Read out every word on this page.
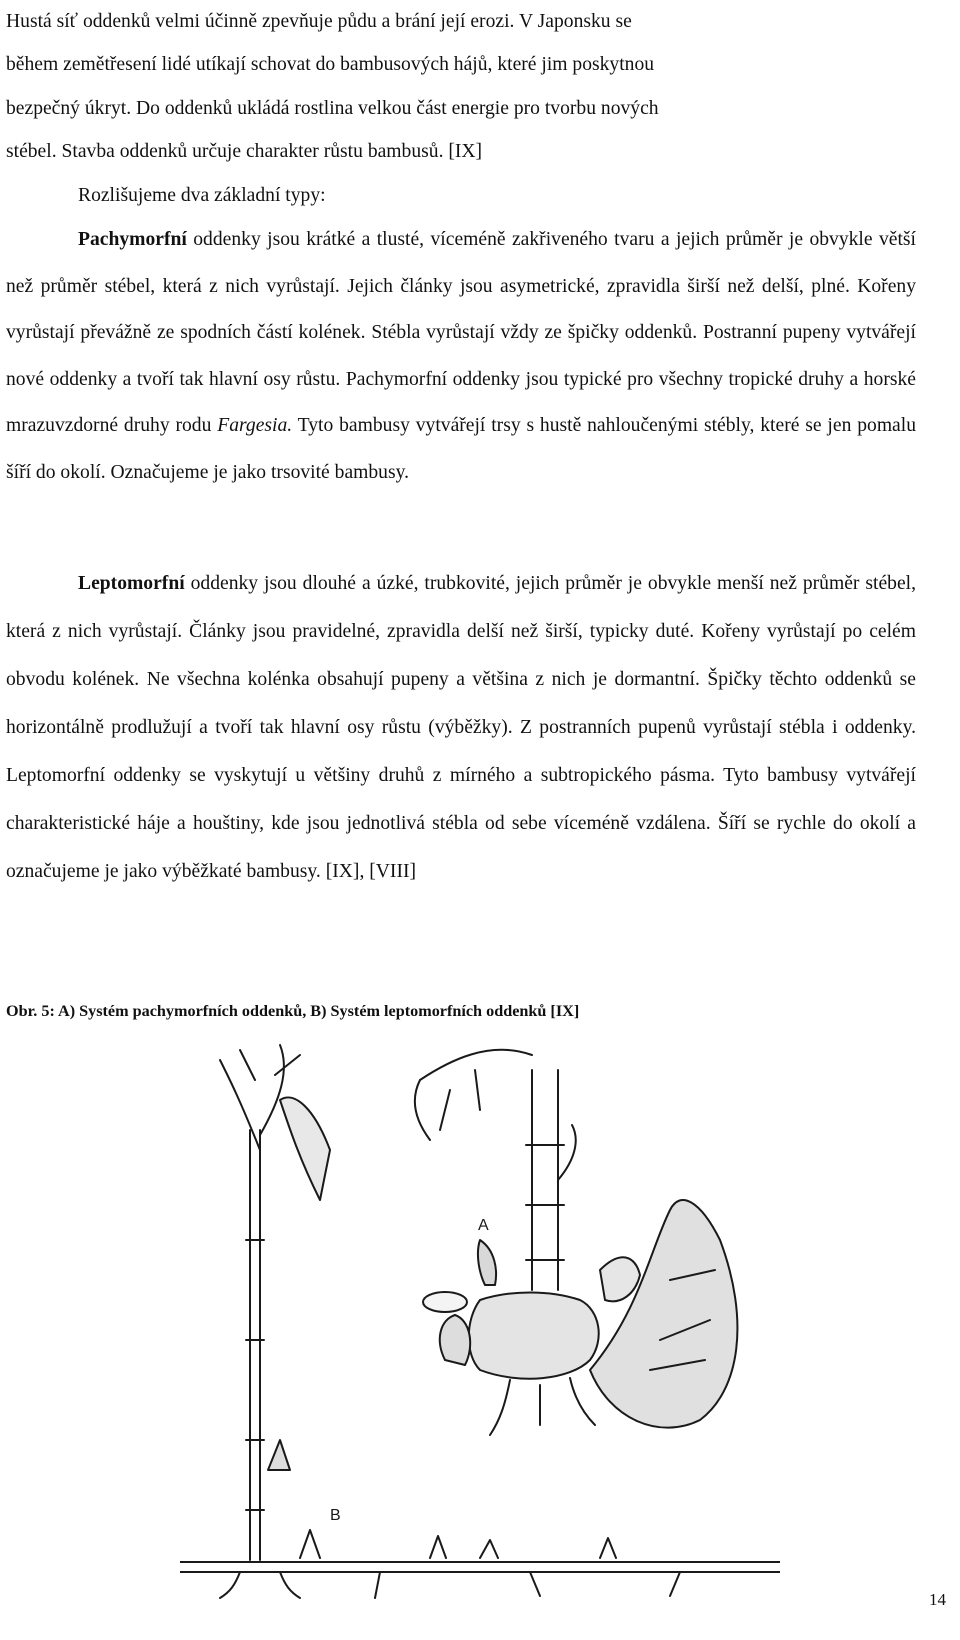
Hustá síť oddenků velmi účinně zpevňuje půdu a brání její erozi. V Japonsku se
během zemětřesení lidé utíkají schovat do bambusových hájů, které jim poskytnou
bezpečný úkryt. Do oddenků ukládá rostlina velkou část energie pro tvorbu nových
stébel. Stavba oddenků určuje charakter růstu bambusů. [IX]
Rozlišujeme dva základní typy:

Pachymorfní oddenky jsou krátké a tlusté, víceméně zakřiveného tvaru a jejich průměr je obvykle větší než průměr stébel, která z nich vyrůstají. Jejich články jsou asymetrické, zpravidla širší než delší, plné. Kořeny vyrůstají převážně ze spodních částí kolének. Stébla vyrůstají vždy ze špičky oddenků. Postranní pupeny vytvářejí nové oddenky a tvoří tak hlavní osy růstu. Pachymorfní oddenky jsou typické pro všechny tropické druhy a horské mrazuvzdorné druhy rodu Fargesia. Tyto bambusy vytvářejí trsy s hustě nahloučenými stébly, které se jen pomalu šíří do okolí. Označujeme je jako trsovité bambusy.

Leptomorfní oddenky jsou dlouhé a úzké, trubkovité, jejich průměr je obvykle menší než průměr stébel, která z nich vyrůstají. Články jsou pravidelné, zpravidla delší než širší, typicky duté. Kořeny vyrůstají po celém obvodu kolének. Ne všechna kolénka obsahují pupeny a většina z nich je dormantní. Špičky těchto oddenků se horizontálně prodlužují a tvoří tak hlavní osy růstu (výběžky). Z postranních pupenů vyrůstají stébla i oddenky. Leptomorfní oddenky se vyskytují u většiny druhů z mírného a subtropického pásma. Tyto bambusy vytvářejí charakteristické háje a houštiny, kde jsou jednotlivá stébla od sebe víceméně vzdálena. Šíří se rychle do okolí a označujeme je jako výběžkaté bambusy. [IX], [VIII]

Obr. 5: A) Systém pachymorfních oddenků, B) Systém leptomorfních oddenků [IX]
A
B
14
